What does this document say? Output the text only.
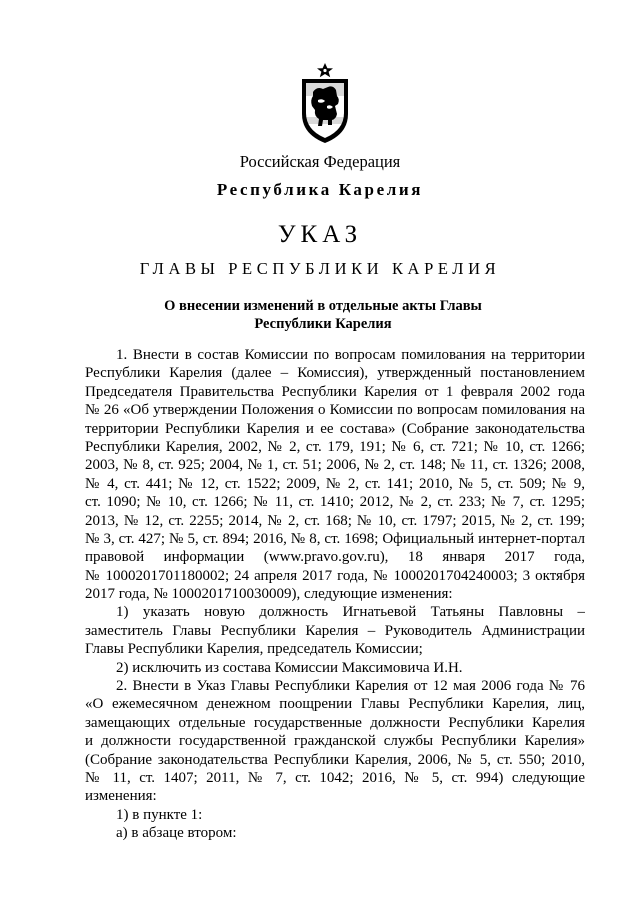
Российская Федерация
Республика Карелия
УКАЗ
ГЛАВЫ РЕСПУБЛИКИ КАРЕЛИЯ
О внесении изменений в отдельные акты Главы
Республики Карелия
1. Внести в состав Комиссии по вопросам помилования на территории
Республики Карелия (далее – Комиссия), утвержденный постановлением
Председателя Правительства Республики Карелия от 1 февраля 2002 года
№ 26 «Об утверждении Положения о Комиссии по вопросам помилования на
территории Республики Карелия и ее состава» (Собрание законодательства
Республики Карелия, 2002, № 2, ст. 179, 191; № 6, ст. 721; № 10, ст. 1266;
2003, № 8, ст. 925; 2004, № 1, ст. 51; 2006, № 2, ст. 148; № 11, ст. 1326; 2008,
№ 4, ст. 441; № 12, ст. 1522; 2009, № 2, ст. 141; 2010, № 5, ст. 509; № 9,
ст. 1090; № 10, ст. 1266; № 11, ст. 1410; 2012, № 2, ст. 233; № 7, ст. 1295;
2013, № 12, ст. 2255; 2014, № 2, ст. 168; № 10, ст. 1797; 2015, № 2, ст. 199;
№ 3, ст. 427; № 5, ст. 894; 2016, № 8, ст. 1698; Официальный интернет-портал
правовой информации (www.pravo.gov.ru), 18 января 2017 года,
№ 1000201701180002; 24 апреля 2017 года, № 1000201704240003; 3 октября
2017 года, № 1000201710030009), следующие изменения:
1) указать новую должность Игнатьевой Татьяны Павловны –
заместитель Главы Республики Карелия – Руководитель Администрации
Главы Республики Карелия, председатель Комиссии;
2) исключить из состава Комиссии Максимовича И.Н.
2. Внести в Указ Главы Республики Карелия от 12 мая 2006 года № 76
«О ежемесячном денежном поощрении Главы Республики Карелия, лиц,
замещающих отдельные государственные должности Республики Карелия
и должности государственной гражданской службы Республики Карелия»
(Собрание законодательства Республики Карелия, 2006, № 5, ст. 550; 2010,
№ 11, ст. 1407; 2011, № 7, ст. 1042; 2016, № 5, ст. 994) следующие
изменения:
1) в пункте 1:
а) в абзаце втором:
